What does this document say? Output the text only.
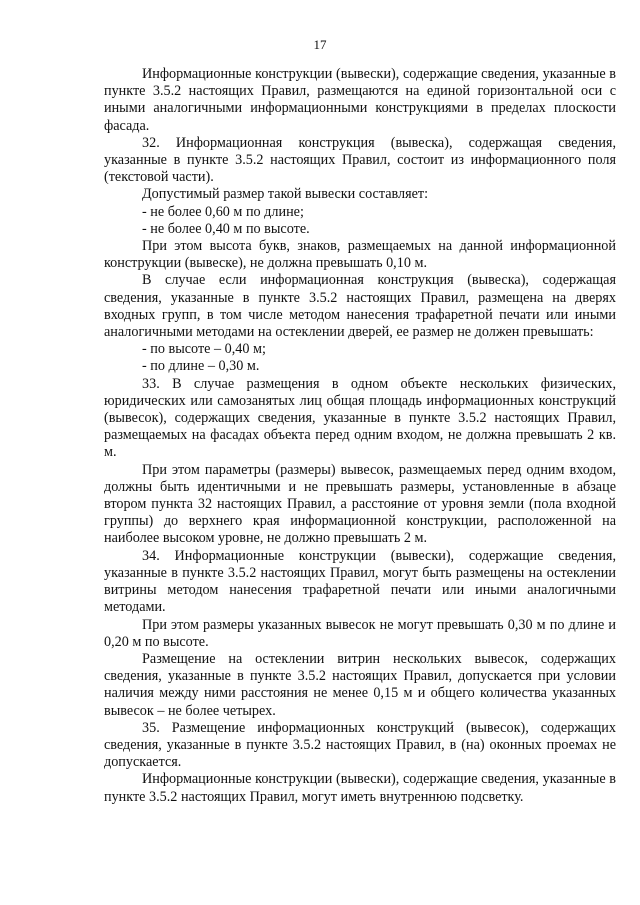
17

Информационные конструкции (вывески), содержащие сведения, указанные в пункте 3.5.2 настоящих Правил, размещаются на единой горизонтальной оси с иными аналогичными информационными конструкциями в пределах плоскости фасада.

32. Информационная конструкция (вывеска), содержащая сведения, указанные в пункте 3.5.2 настоящих Правил, состоит из информационного поля (текстовой части).

Допустимый размер такой вывески составляет:

- не более 0,60 м по длине;

- не более 0,40 м по высоте.

При этом высота букв, знаков, размещаемых на данной информационной конструкции (вывеске), не должна превышать 0,10 м.

В случае если информационная конструкция (вывеска), содержащая сведения, указанные в пункте 3.5.2 настоящих Правил, размещена на дверях входных групп, в том числе методом нанесения трафаретной печати или иными аналогичными методами на остеклении дверей, ее размер не должен превышать:

- по высоте – 0,40 м;

- по длине – 0,30 м.

33. В случае размещения в одном объекте нескольких физических, юридических или самозанятых лиц общая площадь информационных конструкций (вывесок), содержащих сведения, указанные в пункте 3.5.2 настоящих Правил, размещаемых на фасадах объекта перед одним входом, не должна превышать 2 кв. м.

При этом параметры (размеры) вывесок, размещаемых перед одним входом, должны быть идентичными и не превышать размеры, установленные в абзаце втором пункта 32 настоящих Правил, а расстояние от уровня земли (пола входной группы) до верхнего края информационной конструкции, расположенной на наиболее высоком уровне, не должно превышать 2 м.

34. Информационные конструкции (вывески), содержащие сведения, указанные в пункте 3.5.2 настоящих Правил, могут быть размещены на остеклении витрины методом нанесения трафаретной печати или иными аналогичными методами.

При этом размеры указанных вывесок не могут превышать 0,30 м по длине и 0,20 м по высоте.

Размещение на остеклении витрин нескольких вывесок, содержащих сведения, указанные в пункте 3.5.2 настоящих Правил, допускается при условии наличия между ними расстояния не менее 0,15 м и общего количества указанных вывесок – не более четырех.

35. Размещение информационных конструкций (вывесок), содержащих сведения, указанные в пункте 3.5.2 настоящих Правил, в (на) оконных проемах не допускается.

Информационные конструкции (вывески), содержащие сведения, указанные в пункте 3.5.2 настоящих Правил, могут иметь внутреннюю подсветку.
